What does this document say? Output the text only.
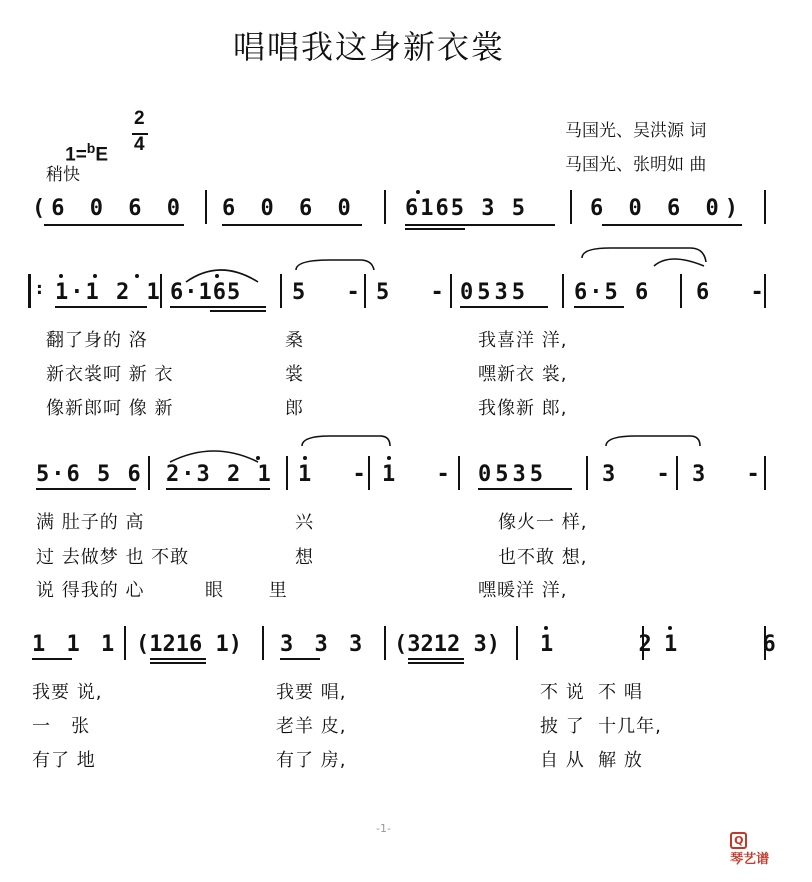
唱唱我这身新衣裳

1=$^b$E

2
4
稍快
马国光、吴洪源 词
马国光、张明如 曲
(6 0 6 0 6 0 6 0 6165 3 5	6 0 6 0)
: 1·1 2 1 6·165 5 - 5 - 0535 6·5 6 6 -
翻了身的 洛	桑	我喜洋 洋,
新衣裳呵 新 衣	裳	嘿新衣 裳,
像新郎呵 像 新	郎	我像新 郎,
5·6 5 6 2·3 2 1 1 - 1 - 0535	3 - 3 -
满 肚子的 高	兴	像火一 样,
过 去做梦 也 不敢	想	也不敢 想,
说 得我的 心	眼 里	嘿暖洋 洋,
1 1 1 (1216 1) 3 3 3 (3212 3) 1 2
1 6
我要 说,	我要 唱,	不 说  不 唱
一   张	老羊 皮,	披 了  十几年,
有了 地	有了 房,	自 从  解 放
-1-

Q
琴艺谱
